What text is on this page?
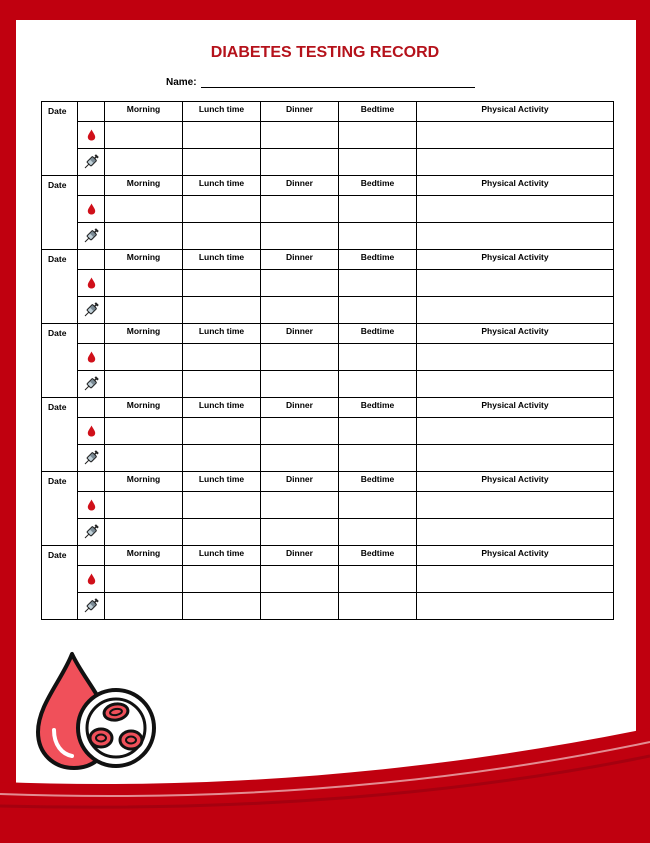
DIABETES TESTING RECORD
Name:
Date		Morning	Lunch time	Dinner	Bedtime	Physical Activity

Date		Morning	Lunch time	Dinner	Bedtime	Physical Activity

Date		Morning	Lunch time	Dinner	Bedtime	Physical Activity

Date		Morning	Lunch time	Dinner	Bedtime	Physical Activity

Date		Morning	Lunch time	Dinner	Bedtime	Physical Activity

Date		Morning	Lunch time	Dinner	Bedtime	Physical Activity

Date		Morning	Lunch time	Dinner	Bedtime	Physical Activity
